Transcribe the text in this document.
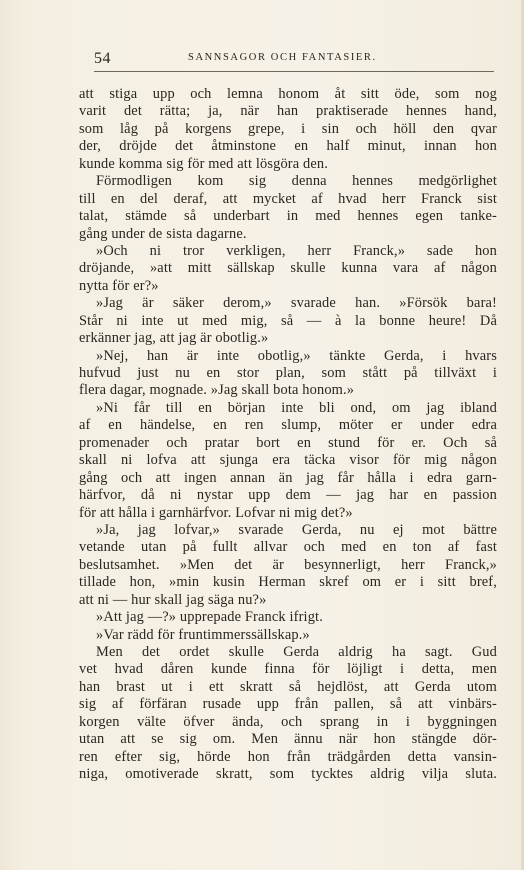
54	SANNSAGOR OCH FANTASIER.
att stiga upp och lemna honom åt sitt öde, som nog
varit det rätta; ja, när han praktiserade hennes hand,
som låg på korgens grepe, i sin och höll den qvar
der, dröjde det åtminstone en half minut, innan hon
kunde komma sig för med att lösgöra den.
Förmodligen kom sig denna hennes medgörlighet
till en del deraf, att mycket af hvad herr Franck sist
talat, stämde så underbart in med hennes egen tanke-
gång under de sista dagarne.
»Och ni tror verkligen, herr Franck,» sade hon
dröjande, »att mitt sällskap skulle kunna vara af någon
nytta för er?»
»Jag är säker derom,» svarade han. »Försök bara!
Står ni inte ut med mig, så — à la bonne heure! Då
erkänner jag, att jag är obotlig.»
»Nej, han är inte obotlig,» tänkte Gerda, i hvars
hufvud just nu en stor plan, som stått på tillväxt i
flera dagar, mognade. »Jag skall bota honom.»
»Ni får till en början inte bli ond, om jag ibland
af en händelse, en ren slump, möter er under edra
promenader och pratar bort en stund för er. Och så
skall ni lofva att sjunga era täcka visor för mig någon
gång och att ingen annan än jag får hålla i edra garn-
härfvor, då ni nystar upp dem — jag har en passion
för att hålla i garnhärfvor. Lofvar ni mig det?»
»Ja, jag lofvar,» svarade Gerda, nu ej mot bättre
vetande utan på fullt allvar och med en ton af fast
beslutsamhet. »Men det är besynnerligt, herr Franck,»
tillade hon, »min kusin Herman skref om er i sitt bref,
att ni — hur skall jag säga nu?»
»Att jag —?» upprepade Franck ifrigt.
»Var rädd för fruntimmerssällskap.»
Men det ordet skulle Gerda aldrig ha sagt. Gud
vet hvad dåren kunde finna för löjligt i detta, men
han brast ut i ett skratt så hejdlöst, att Gerda utom
sig af förfäran rusade upp från pallen, så att vinbärs-
korgen välte öfver ända, och sprang in i byggningen
utan att se sig om. Men ännu när hon stängde dör-
ren efter sig, hörde hon från trädgården detta vansin-
niga, omotiverade skratt, som tycktes aldrig vilja sluta.
